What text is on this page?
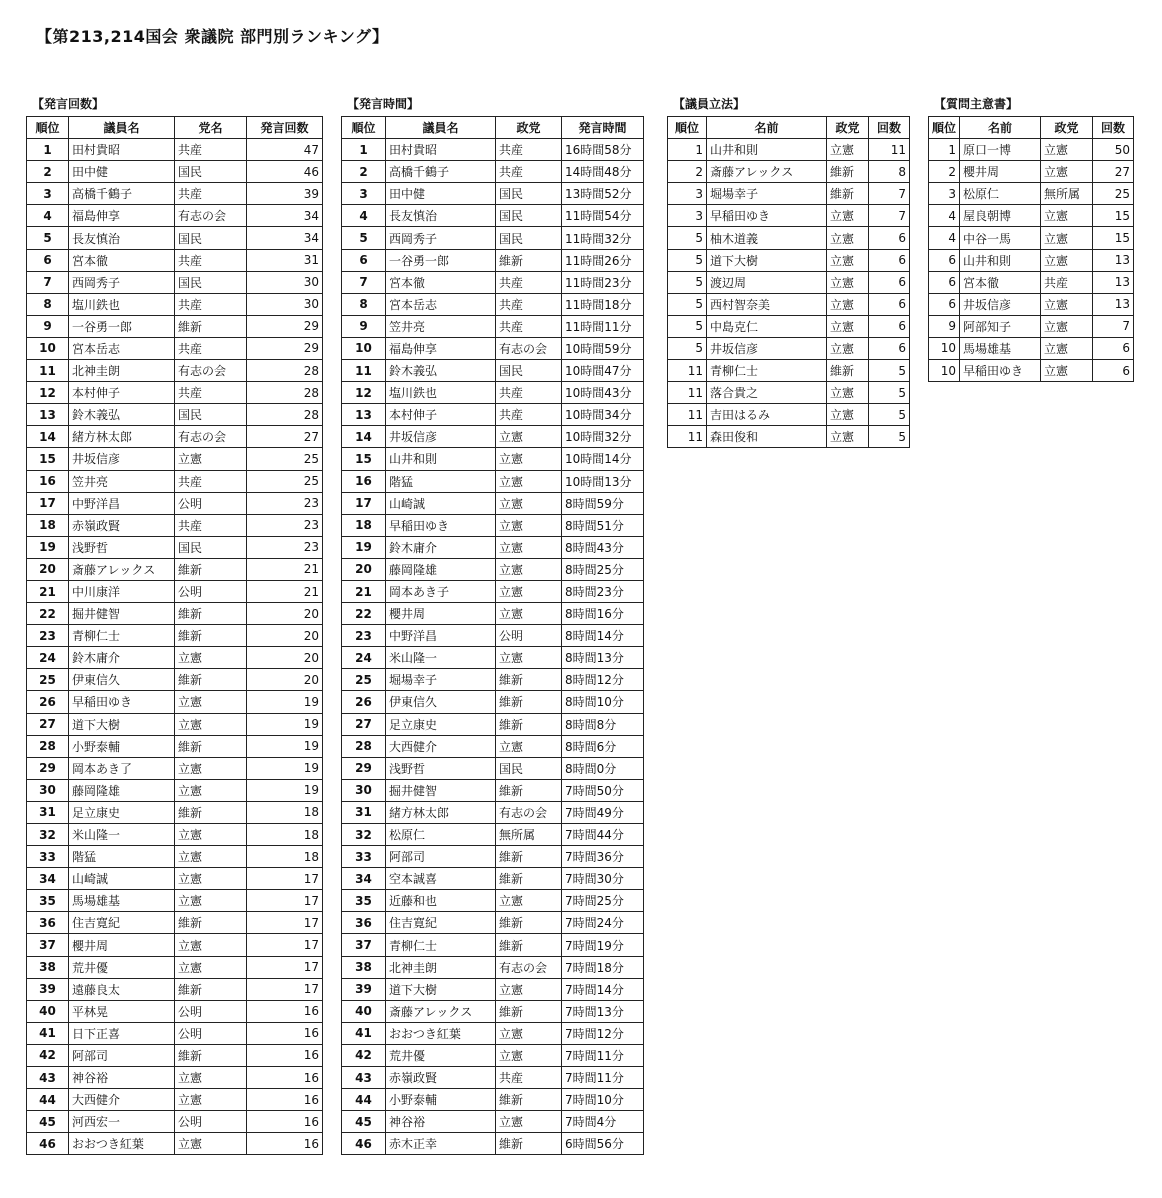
【第213,214国会 衆議院 部門別ランキング】
【発言回数】
順位	議員名	党名	発言回数
1	田村貴昭	共産	47
2	田中健	国民	46
3	高橋千鶴子	共産	39
4	福島伸享	有志の会	34
5	長友慎治	国民	34
6	宮本徹	共産	31
7	西岡秀子	国民	30
8	塩川鉄也	共産	30
9	一谷勇一郎	維新	29
10	宮本岳志	共産	29
11	北神圭朗	有志の会	28
12	本村伸子	共産	28
13	鈴木義弘	国民	28
14	緒方林太郎	有志の会	27
15	井坂信彦	立憲	25
16	笠井亮	共産	25
17	中野洋昌	公明	23
18	赤嶺政賢	共産	23
19	浅野哲	国民	23
20	斎藤アレックス	維新	21
21	中川康洋	公明	21
22	掘井健智	維新	20
23	青柳仁士	維新	20
24	鈴木庸介	立憲	20
25	伊東信久	維新	20
26	早稲田ゆき	立憲	19
27	道下大樹	立憲	19
28	小野泰輔	維新	19
29	岡本あき了	立憲	19
30	藤岡隆雄	立憲	19
31	足立康史	維新	18
32	米山隆一	立憲	18
33	階猛	立憲	18
34	山崎誠	立憲	17
35	馬場雄基	立憲	17
36	住吉寛紀	維新	17
37	櫻井周	立憲	17
38	荒井優	立憲	17
39	遠藤良太	維新	17
40	平林晃	公明	16
41	日下正喜	公明	16
42	阿部司	維新	16
43	神谷裕	立憲	16
44	大西健介	立憲	16
45	河西宏一	公明	16
46	おおつき紅葉	立憲	16
【発言時間】
順位	議員名	政党	発言時間
1	田村貴昭	共産	16時間58分
2	高橋千鶴子	共産	14時間48分
3	田中健	国民	13時間52分
4	長友慎治	国民	11時間54分
5	西岡秀子	国民	11時間32分
6	一谷勇一郎	維新	11時間26分
7	宮本徹	共産	11時間23分
8	宮本岳志	共産	11時間18分
9	笠井亮	共産	11時間11分
10	福島伸享	有志の会	10時間59分
11	鈴木義弘	国民	10時間47分
12	塩川鉄也	共産	10時間43分
13	本村伸子	共産	10時間34分
14	井坂信彦	立憲	10時間32分
15	山井和則	立憲	10時間14分
16	階猛	立憲	10時間13分
17	山崎誠	立憲	8時間59分
18	早稲田ゆき	立憲	8時間51分
19	鈴木庸介	立憲	8時間43分
20	藤岡隆雄	立憲	8時間25分
21	岡本あき子	立憲	8時間23分
22	櫻井周	立憲	8時間16分
23	中野洋昌	公明	8時間14分
24	米山隆一	立憲	8時間13分
25	堀場幸子	維新	8時間12分
26	伊東信久	維新	8時間10分
27	足立康史	維新	8時間8分
28	大西健介	立憲	8時間6分
29	浅野哲	国民	8時間0分
30	掘井健智	維新	7時間50分
31	緒方林太郎	有志の会	7時間49分
32	松原仁	無所属	7時間44分
33	阿部司	維新	7時間36分
34	空本誠喜	維新	7時間30分
35	近藤和也	立憲	7時間25分
36	住吉寛紀	維新	7時間24分
37	青柳仁士	維新	7時間19分
38	北神圭朗	有志の会	7時間18分
39	道下大樹	立憲	7時間14分
40	斎藤アレックス	維新	7時間13分
41	おおつき紅葉	立憲	7時間12分
42	荒井優	立憲	7時間11分
43	赤嶺政賢	共産	7時間11分
44	小野泰輔	維新	7時間10分
45	神谷裕	立憲	7時間4分
46	赤木正幸	維新	6時間56分
【議員立法】
順位	名前	政党	回数
1	山井和則	立憲	11
2	斎藤アレックス	維新	8
3	堀場幸子	維新	7
3	早稲田ゆき	立憲	7
5	柚木道義	立憲	6
5	道下大樹	立憲	6
5	渡辺周	立憲	6
5	西村智奈美	立憲	6
5	中島克仁	立憲	6
5	井坂信彦	立憲	6
11	青柳仁士	維新	5
11	落合貴之	立憲	5
11	吉田はるみ	立憲	5
11	森田俊和	立憲	5
【質問主意書】
順位	名前	政党	回数
1	原口一博	立憲	50
2	櫻井周	立憲	27
3	松原仁	無所属	25
4	屋良朝博	立憲	15
4	中谷一馬	立憲	15
6	山井和則	立憲	13
6	宮本徹	共産	13
6	井坂信彦	立憲	13
9	阿部知子	立憲	7
10	馬場雄基	立憲	6
10	早稲田ゆき	立憲	6
